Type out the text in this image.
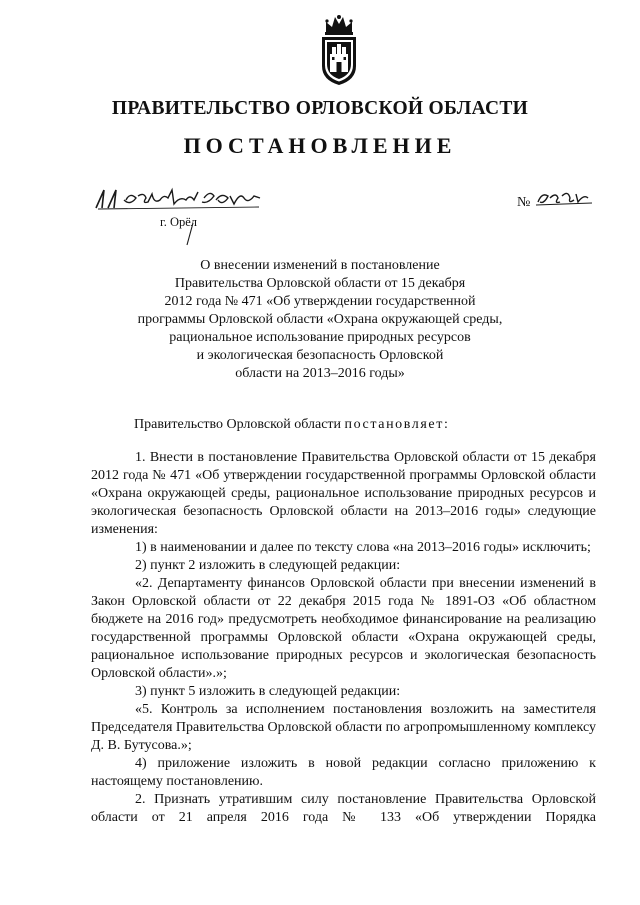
ПРАВИТЕЛЬСТВО ОРЛОВСКОЙ ОБЛАСТИ
ПОСТАНОВЛЕНИЕ
№
г. Орёл
О внесении изменений в постановление
Правительства Орловской области от 15 декабря
2012 года № 471 «Об утверждении государственной
программы Орловской области «Охрана окружающей среды,
рациональное использование природных ресурсов
и экологическая безопасность Орловской
области на 2013–2016 годы»
Правительство Орловской области постановляет:

1. Внести в постановление Правительства Орловской области от 15 декабря 2012 года № 471 «Об утверждении государственной программы Орловской области «Охрана окружающей среды, рациональное использование природных ресурсов и экологическая безопасность Орловской области на 2013–2016 годы» следующие изменения:

1) в наименовании и далее по тексту слова «на 2013–2016 годы» исключить;

2) пункт 2 изложить в следующей редакции:

«2. Департаменту финансов Орловской области при внесении изменений в Закон Орловской области от 22 декабря 2015 года № 1891-ОЗ «Об областном бюджете на 2016 год» предусмотреть необходимое финансирование на реализацию государственной программы Орловской области «Охрана окружающей среды, рациональное использование природных ресурсов и экологическая безопасность Орловской области».»;

3) пункт 5 изложить в следующей редакции:

«5. Контроль за исполнением постановления возложить на заместителя Председателя Правительства Орловской области по агропромышленному комплексу Д. В. Бутусова.»;

4) приложение изложить в новой редакции согласно приложению к настоящему постановлению.

2. Признать утратившим силу постановление Правительства Орловской области от 21 апреля 2016 года № 133 «Об утверждении Порядка
